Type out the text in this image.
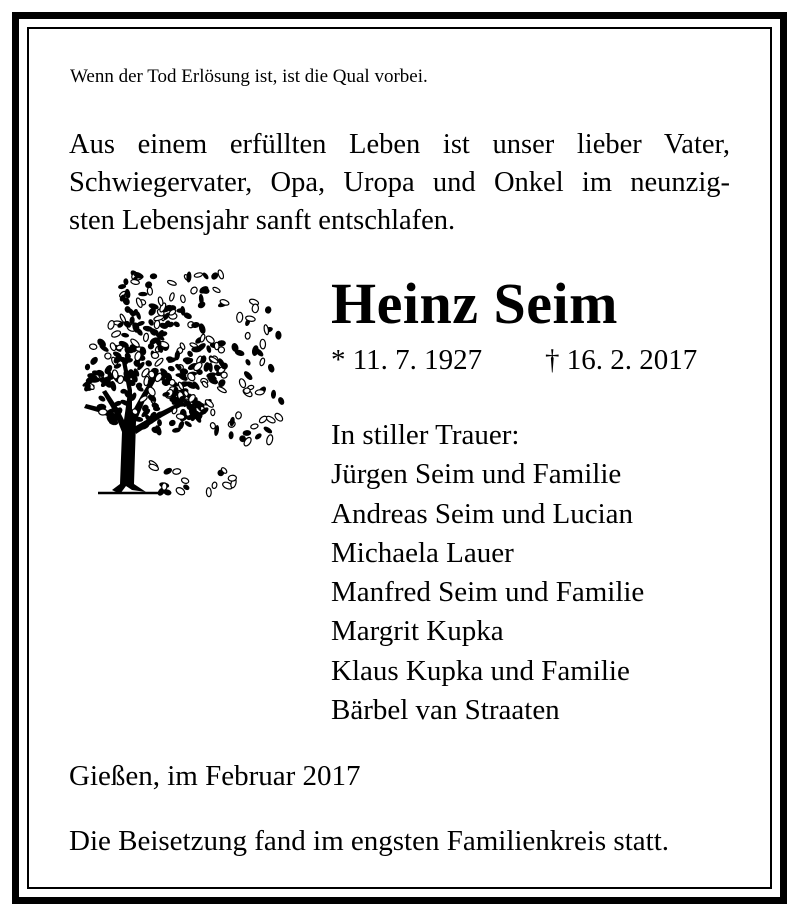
Wenn der Tod Erlösung ist, ist die Qual vorbei.

Aus einem erfüllten Leben ist unser lieber Vater,
Schwiegervater, Opa, Uropa und Onkel im neunzig-
sten Lebensjahr sanft entschlafen.
Heinz Seim
* 11. 7. 1927 † 16. 2. 2017
In stiller Trauer:
Jürgen Seim und Familie
Andreas Seim und Lucian
Michaela Lauer
Manfred Seim und Familie
Margrit Kupka
Klaus Kupka und Familie
Bärbel van Straaten
Gießen, im Februar 2017
Die Beisetzung fand im engsten Familienkreis statt.
